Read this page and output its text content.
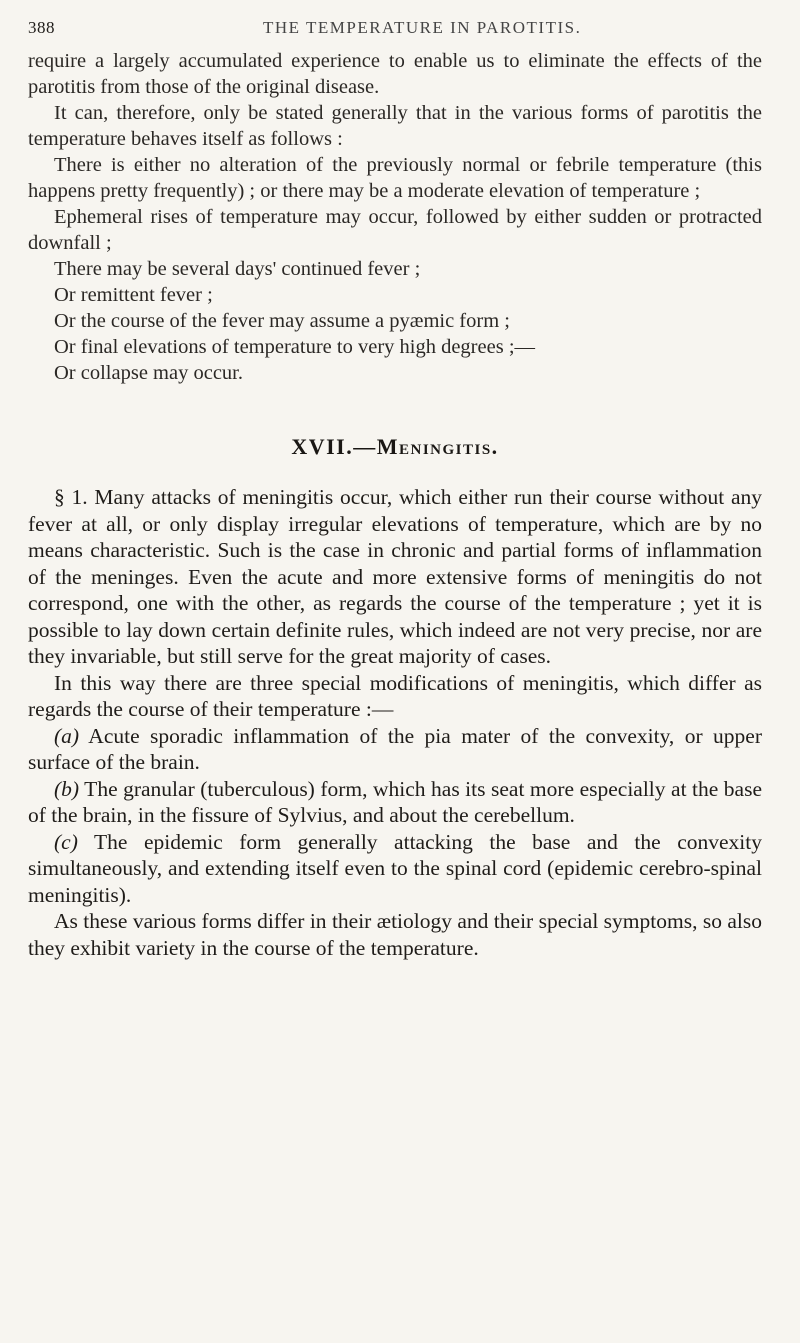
388	THE TEMPERATURE IN PAROTITIS.

require a largely accumulated experience to enable us to eliminate the effects of the parotitis from those of the original disease.

It can, therefore, only be stated generally that in the various forms of parotitis the temperature behaves itself as follows :

There is either no alteration of the previously normal or febrile temperature (this happens pretty frequently) ; or there may be a moderate elevation of temperature ;

Ephemeral rises of temperature may occur, followed by either sudden or protracted downfall ;

There may be several days' continued fever ;

Or remittent fever ;

Or the course of the fever may assume a pyæmic form ;

Or final elevations of temperature to very high degrees ;—

Or collapse may occur.

XVII.—Meningitis.

§ 1. Many attacks of meningitis occur, which either run their course without any fever at all, or only display irregular elevations of temperature, which are by no means characteristic. Such is the case in chronic and partial forms of inflammation of the meninges. Even the acute and more extensive forms of meningitis do not correspond, one with the other, as regards the course of the temperature ; yet it is possible to lay down certain definite rules, which indeed are not very precise, nor are they invariable, but still serve for the great majority of cases.

In this way there are three special modifications of meningitis, which differ as regards the course of their temperature :—

(a) Acute sporadic inflammation of the pia mater of the convexity, or upper surface of the brain.

(b) The granular (tuberculous) form, which has its seat more especially at the base of the brain, in the fissure of Sylvius, and about the cerebellum.

(c) The epidemic form generally attacking the base and the convexity simultaneously, and extending itself even to the spinal cord (epidemic cerebro-spinal meningitis).

As these various forms differ in their ætiology and their special symptoms, so also they exhibit variety in the course of the temperature.
